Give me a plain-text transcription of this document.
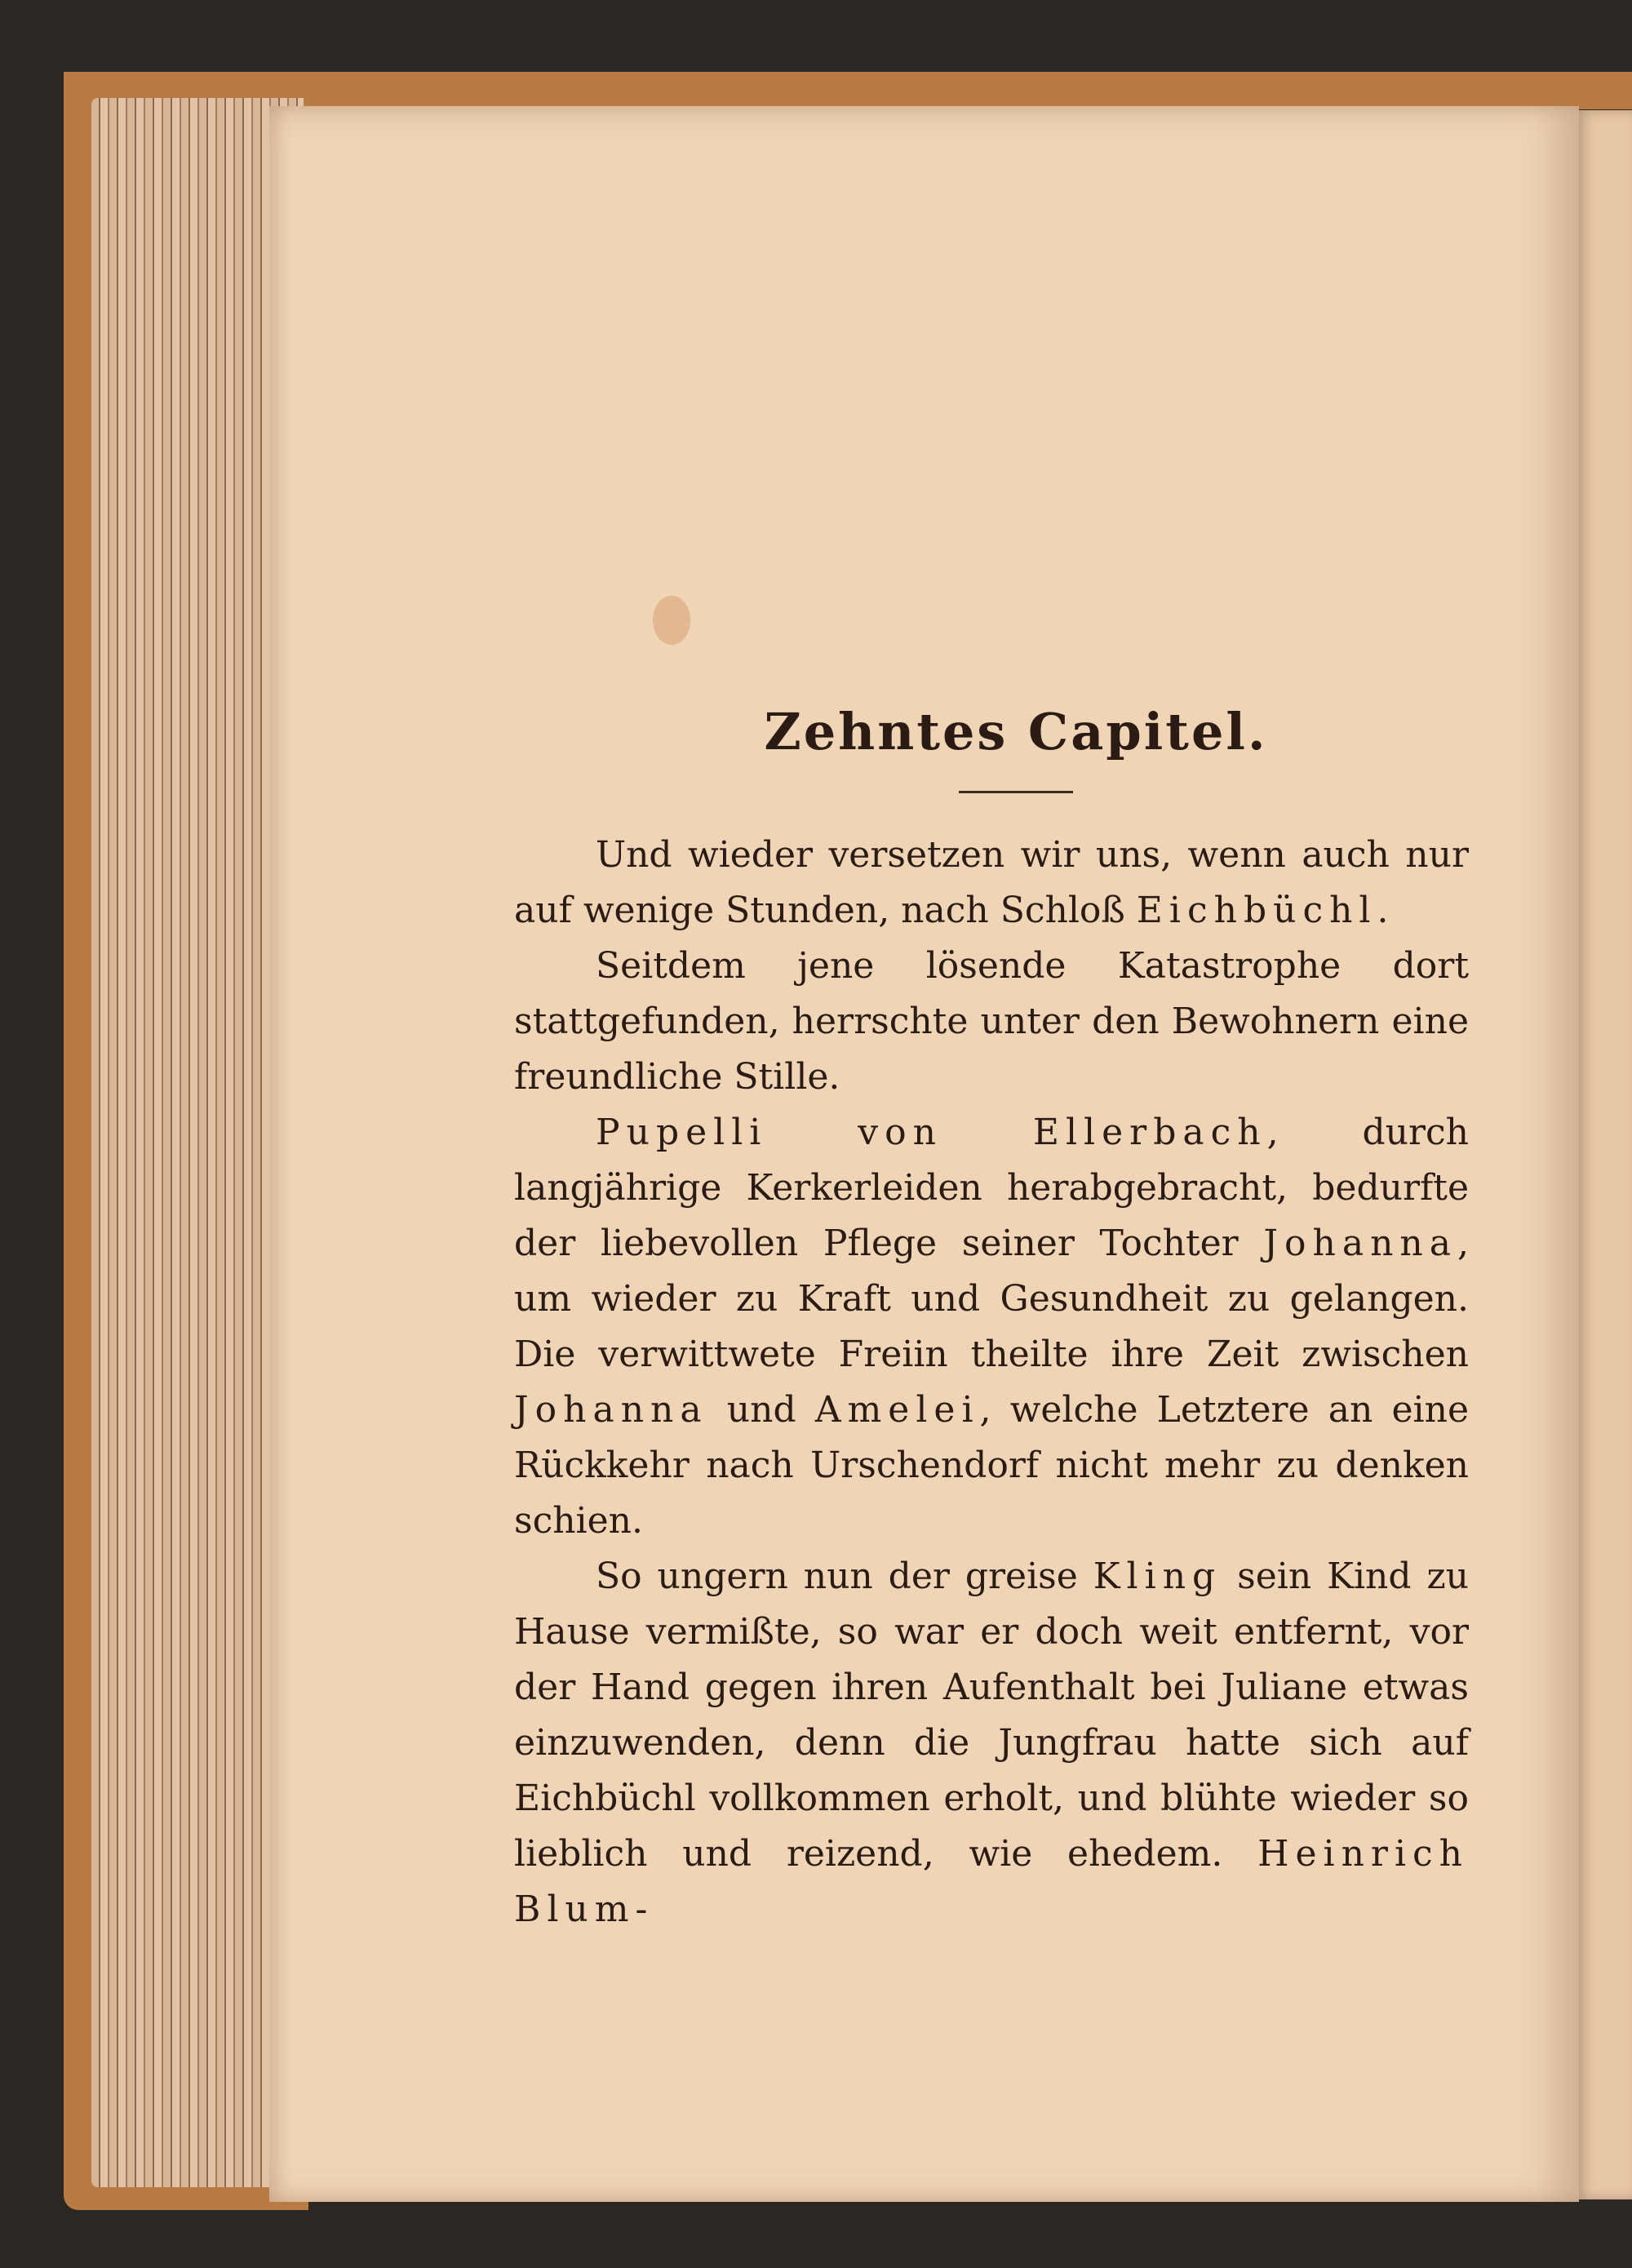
Zehntes Capitel.

Und wieder versetzen wir uns, wenn auch nur auf wenige Stunden, nach Schloß Eichbüchl.

Seitdem jene lösende Katastrophe dort stattgefunden, herrschte unter den Bewohnern eine freundliche Stille.

Pupelli von Ellerbach, durch langjährige Kerkerleiden herabgebracht, bedurfte der liebevollen Pflege seiner Tochter Johanna, um wieder zu Kraft und Gesundheit zu gelangen. Die verwittwete Freiin theilte ihre Zeit zwischen Johanna und Amelei, welche Letztere an eine Rückkehr nach Urschendorf nicht mehr zu denken schien.

So ungern nun der greise Kling sein Kind zu Hause vermißte, so war er doch weit entfernt, vor der Hand gegen ihren Aufenthalt bei Juliane etwas einzuwenden, denn die Jungfrau hatte sich auf Eichbüchl vollkommen erholt, und blühte wieder so lieblich und reizend, wie ehedem. Heinrich Blum-
